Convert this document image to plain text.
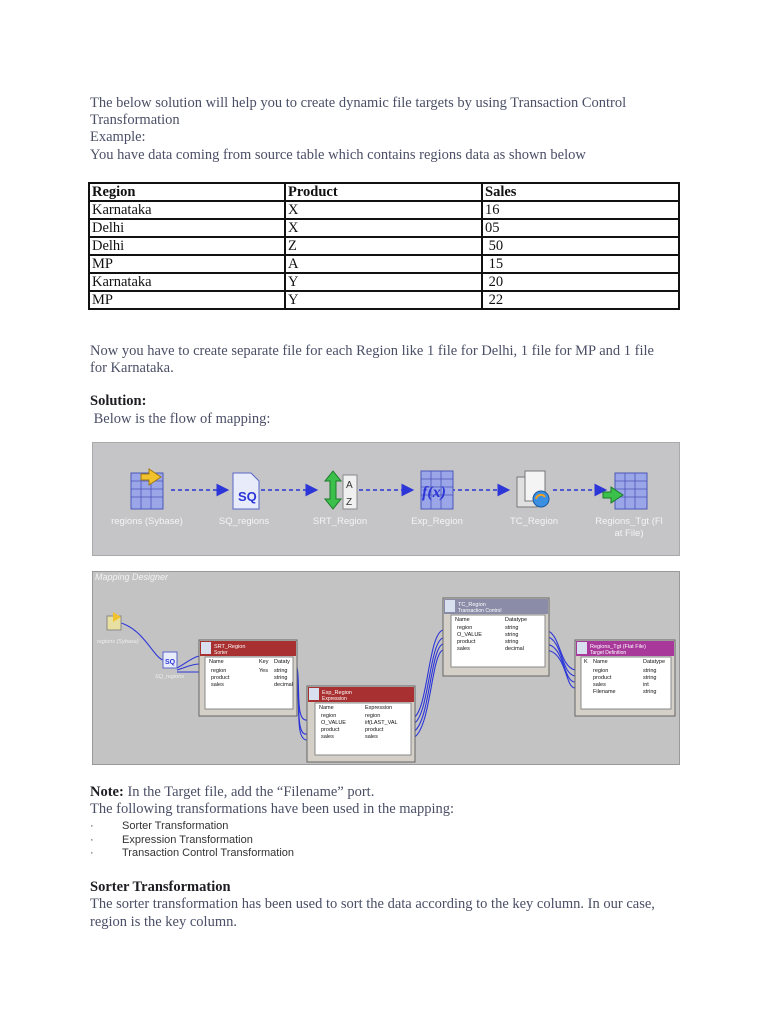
The below solution will help you to create dynamic file targets by using Transaction Control

Transformation

Example:

You have data coming from source table which contains regions data as shown below

Region	Product	Sales
Karnataka	X	16
Delhi	X	05
Delhi	Z	50
MP	A	15
Karnataka	Y	20
MP	Y	22

Now you have to create separate file for each Region like 1 file for Delhi, 1 file for MP and 1 file

for Karnataka.

Solution:

Below is the flow of mapping:

SQ
A
Z
f(x)
regions (Sybase)	SQ_regions	SRT_Region	Exp_Region	TC_Region	Regions_Tgt (Fl
at File)
Mapping Designer
regions (Sybase)
SQ
SQ_regions
SRT_Region
Sorter
Name	Key Dataty
region	Yes string
product	string
sales	decimal
Exp_Region
Expression
Name	Expression
region	region
O_VALUE	iif(LAST_VAL
product	product
sales	sales
TC_Region
Transaction Control
Name	Datatype
region	string
O_VALUE	string
product	string
sales	decimal	Regions_Tgt (Flat File)
Target Definition
K Name	Datatype
region	string
product	string
sales	int
Filename	string

Note: In the Target file, add the “Filename” port.

The following transformations have been used in the mapping:

·	Sorter Transformation
·	Expression Transformation
·	Transaction Control Transformation

Sorter Transformation

The sorter transformation has been used to sort the data according to the key column. In our case,

region is the key column.
